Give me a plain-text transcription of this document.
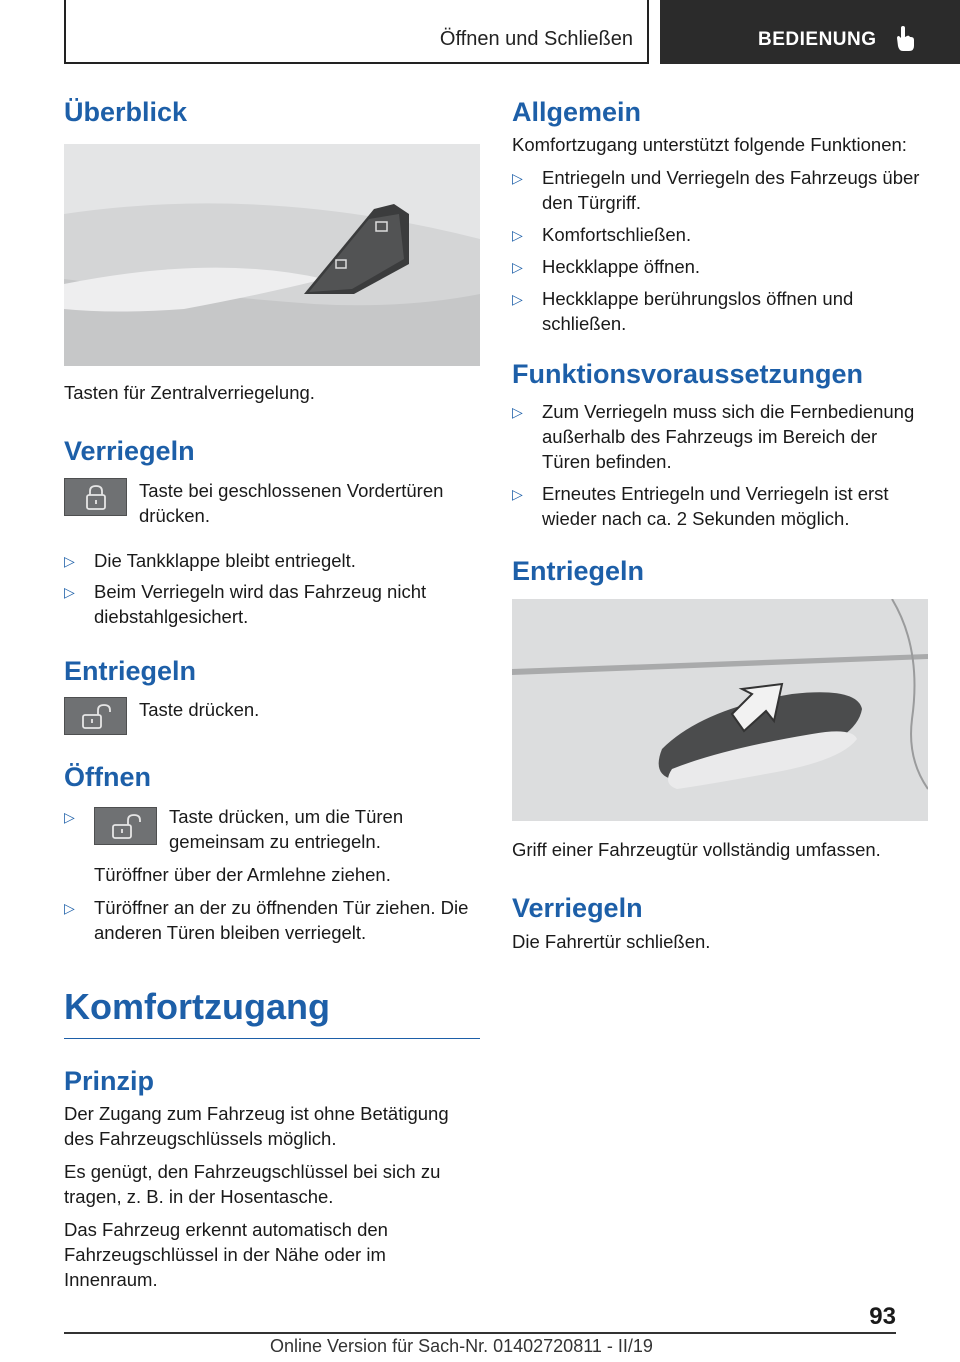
Öffnen und Schließen	BEDIENUNG
Überblick

Tasten für Zentralverriegelung.

Verriegeln

Taste bei geschlossenen Vordertüren drücken.

▷ Die Tankklappe bleibt entriegelt.
▷ Beim Verriegeln wird das Fahrzeug nicht diebstahlgesichert.
Entriegeln

Taste drücken.

Öffnen
▷	Taste drücken, um die Türen gemeinsam zu entriegeln.
Türöffner über der Armlehne ziehen.
▷ Türöffner an der zu öffnenden Tür ziehen. Die anderen Türen bleiben verriegelt.
Komfortzugang
Prinzip

Der Zugang zum Fahrzeug ist ohne Betätigung des Fahrzeugschlüssels möglich.

Es genügt, den Fahrzeugschlüssel bei sich zu tragen, z. B. in der Hosentasche.

Das Fahrzeug erkennt automatisch den Fahrzeugschlüssel in der Nähe oder im Innenraum.

Allgemein

Komfortzugang unterstützt folgende Funktionen:

▷ Entriegeln und Verriegeln des Fahrzeugs über den Türgriff.
▷ Komfortschließen.
▷ Heckklappe öffnen.
▷ Heckklappe berührungslos öffnen und schließen.
Funktionsvoraussetzungen
▷ Zum Verriegeln muss sich die Fernbedienung außerhalb des Fahrzeugs im Bereich der Türen befinden.
▷ Erneutes Entriegeln und Verriegeln ist erst wieder nach ca. 2 Sekunden möglich.
Entriegeln

Griff einer Fahrzeugtür vollständig umfassen.

Verriegeln

Die Fahrertür schließen.

93
Online Version für Sach-Nr. 01402720811 - II/19
